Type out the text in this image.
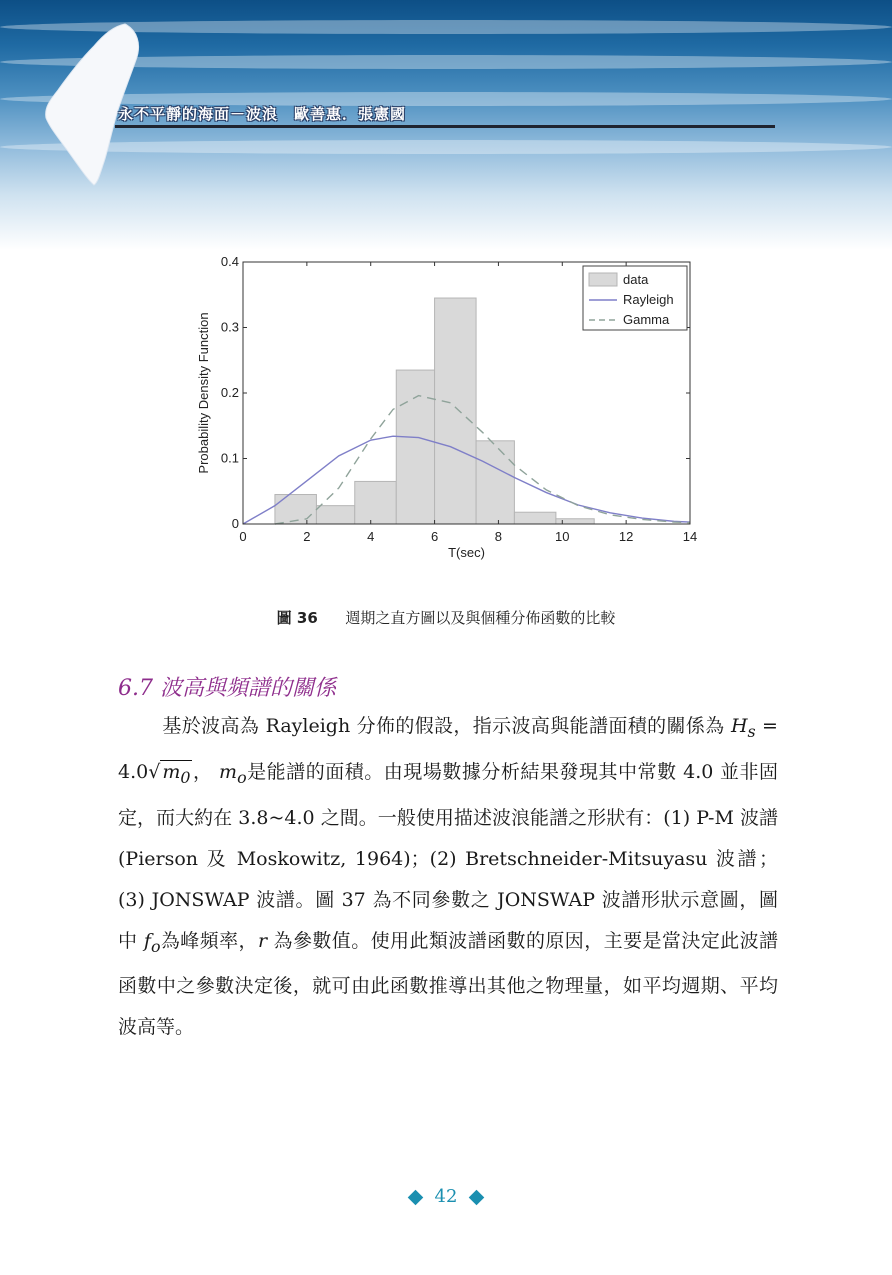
永不平靜的海面－波浪　歐善惠．張憲國
0	2	4	6	8	10	12	14
0
0.1
0.2
0.3
0.4
T(sec)
Probability Density Function
data
Rayleigh
Gamma
圖 36 週期之直方圖以及與個種分佈函數的比較
6.7 波高與頻譜的關係

基於波高為 Rayleigh 分佈的假設，指示波高與能譜面積的關係為 $H_s = 4.0√$ $m_0$ ， $m_o$是能譜的面積。由現場數據分析結果發現其中常數 4.0 並非固定，而大約在 3.8~4.0 之間。一般使用描述波浪能譜之形狀有：(1) P-M 波譜 (Pierson 及 Moskowitz, 1964)；(2) Bretschneider-Mitsuyasu 波譜；(3) JONSWAP 波譜。圖 37 為不同參數之 JONSWAP 波譜形狀示意圖，圖中 $f_o$為峰頻率，r 為參數值。使用此類波譜函數的原因，主要是當決定此波譜函數中之參數決定後，就可由此函數推導出其他之物理量，如平均週期、平均波高等。

42
